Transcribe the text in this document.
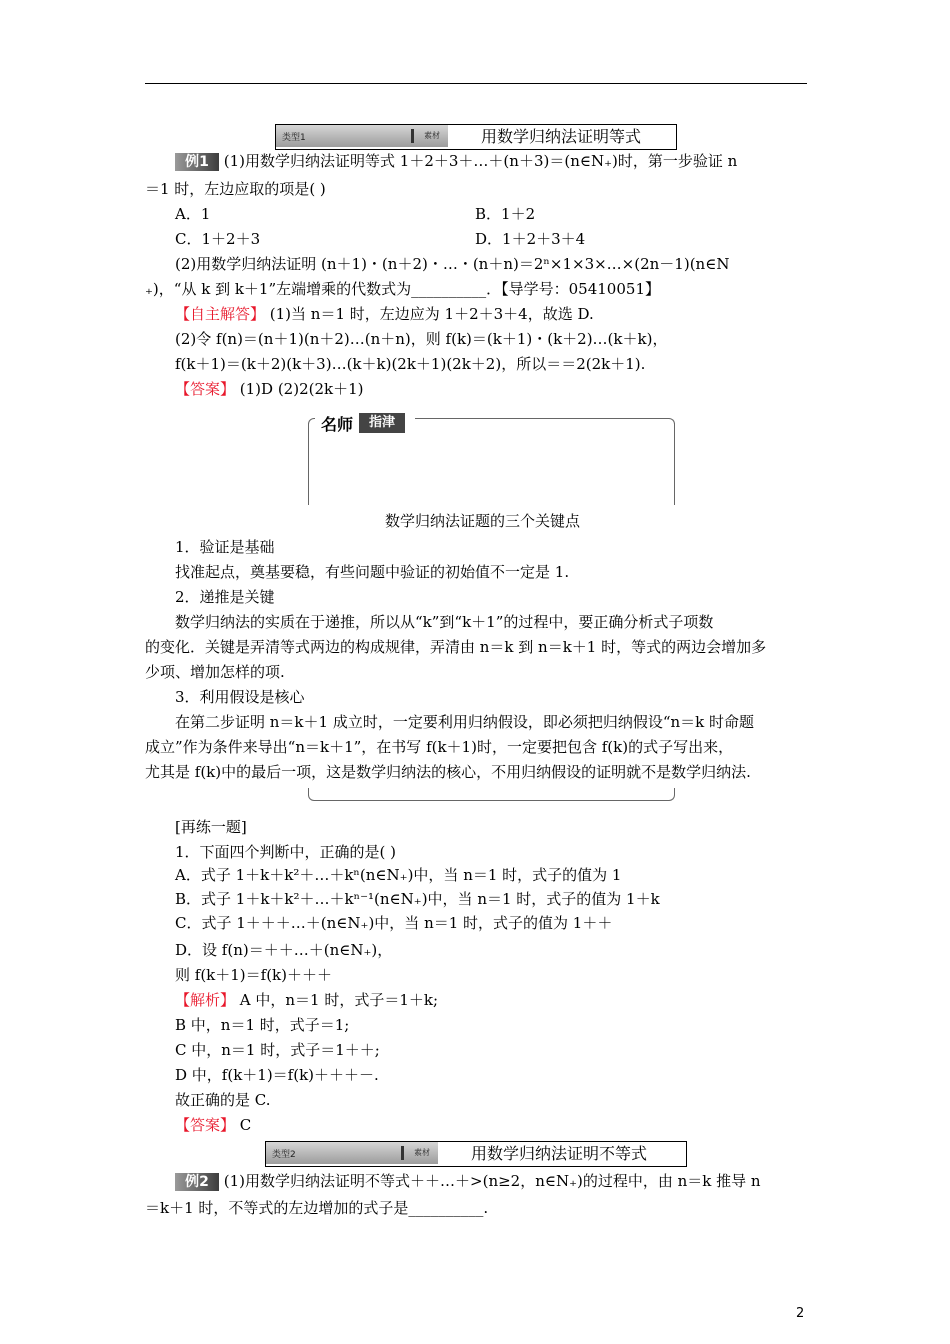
类型1	素材	用数学归纳法证明等式
例1 (1)用数学归纳法证明等式 1＋2＋3＋…＋(n＋3)＝(n∈N₊)时，第一步验证 n
＝1 时，左边应取的项是( )
A．1	B．1＋2
C．1＋2＋3	D．1＋2＋3＋4
(2)用数学归纳法证明 (n＋1)・(n＋2)・…・(n＋n)＝2ⁿ×1×3×…×(2n－1)(n∈N
₊)，“从 k 到 k＋1”左端增乘的代数式为__________．【导学号：05410051】
【自主解答】 (1)当 n＝1 时，左边应为 1＋2＋3＋4，故选 D.
(2)令 f(n)＝(n＋1)(n＋2)…(n＋n)，则 f(k)＝(k＋1)・(k＋2)…(k＋k)，
f(k＋1)＝(k＋2)(k＋3)…(k＋k)(2k＋1)(2k＋2)，所以＝＝2(2k＋1).
【答案】 (1)D (2)2(2k＋1)
名师	指津
数学归纳法证题的三个关键点
1．验证是基础
找准起点，奠基要稳，有些问题中验证的初始值不一定是 1.
2．递推是关键
数学归纳法的实质在于递推，所以从“k”到“k＋1”的过程中，要正确分析式子项数
的变化．关键是弄清等式两边的构成规律，弄清由 n＝k 到 n＝k＋1 时，等式的两边会增加多
少项、增加怎样的项.
3．利用假设是核心
在第二步证明 n＝k＋1 成立时，一定要利用归纳假设，即必须把归纳假设“n＝k 时命题
成立”作为条件来导出“n＝k＋1”，在书写 f(k＋1)时，一定要把包含 f(k)的式子写出来，
尤其是 f(k)中的最后一项，这是数学归纳法的核心，不用归纳假设的证明就不是数学归纳法.
[再练一题]
1．下面四个判断中，正确的是( )
A．式子 1＋k＋k²＋…＋kⁿ(n∈N₊)中，当 n＝1 时，式子的值为 1
B．式子 1＋k＋k²＋…＋kⁿ⁻¹(n∈N₊)中，当 n＝1 时，式子的值为 1＋k
C．式子 1＋＋＋…＋(n∈N₊)中，当 n＝1 时，式子的值为 1＋＋
D．设 f(n)＝＋＋…＋(n∈N₊)，
则 f(k＋1)＝f(k)＋＋＋
【解析】 A 中，n＝1 时，式子＝1＋k;
B 中，n＝1 时，式子＝1;
C 中，n＝1 时，式子＝1＋＋;
D 中，f(k＋1)＝f(k)＋＋＋－.
故正确的是 C.
【答案】 C
类型2	素材	用数学归纳法证明不等式
例2 (1)用数学归纳法证明不等式＋＋…＋>(n≥2，n∈N₊)的过程中，由 n＝k 推导 n
＝k＋1 时，不等式的左边增加的式子是__________.
2
